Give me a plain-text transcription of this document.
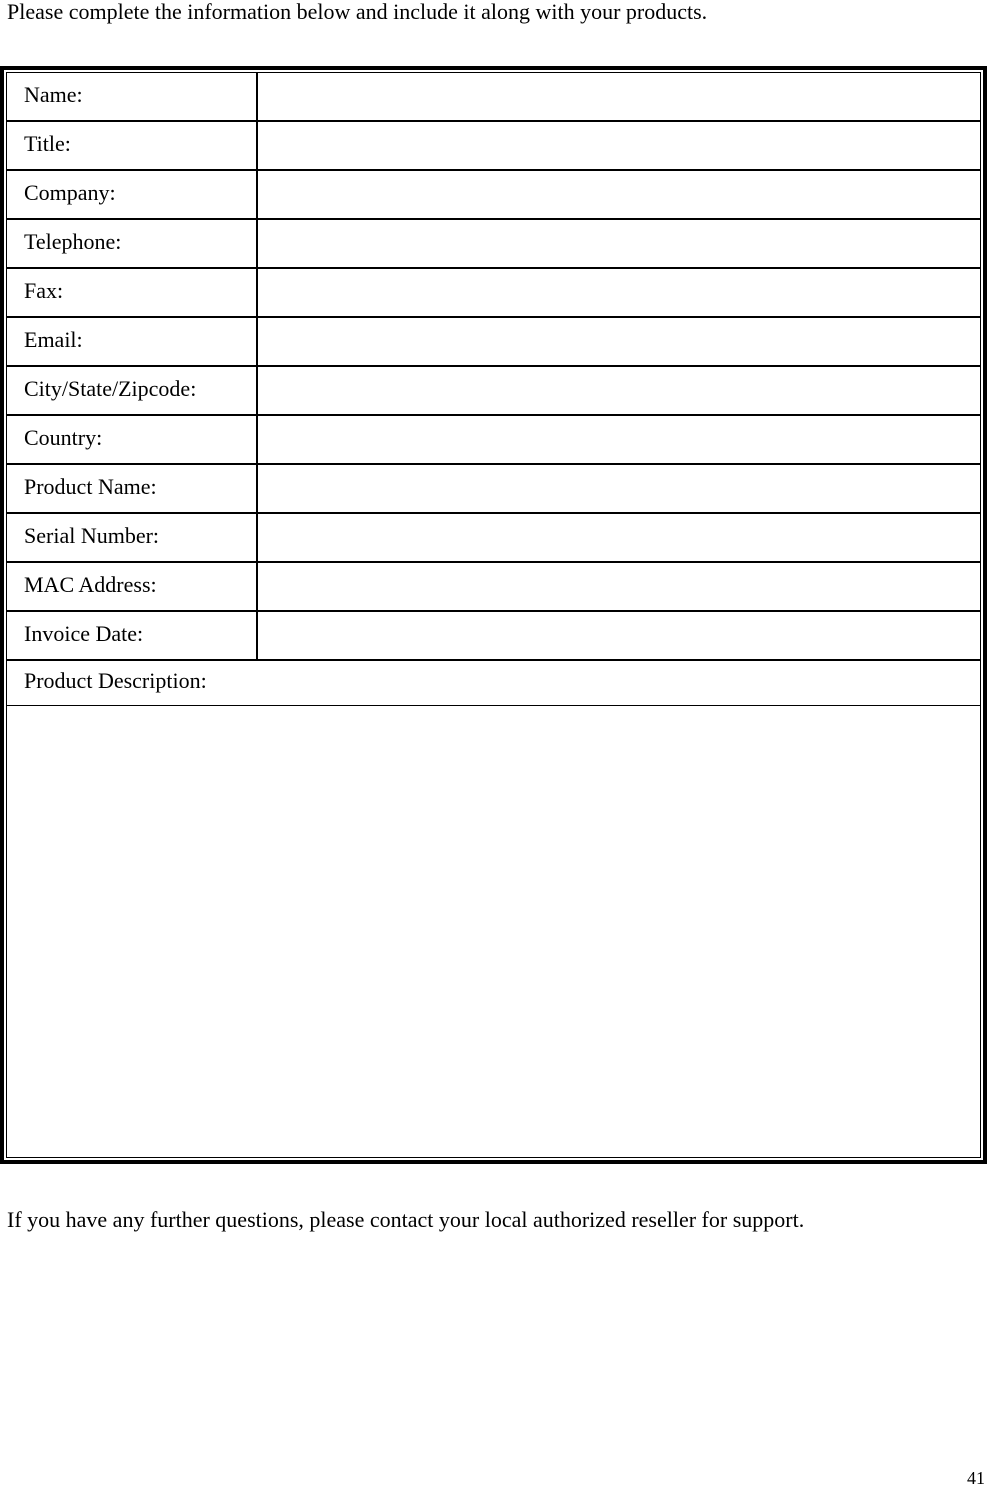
Please complete the information below and include it along with your products.
Name:
Title:
Company:
Telephone:
Fax:
Email:
City/State/Zipcode:
Country:
Product Name:
Serial Number:
MAC Address:
Invoice Date:
Product Description:
If you have any further questions, please contact your local authorized reseller for support.
41
